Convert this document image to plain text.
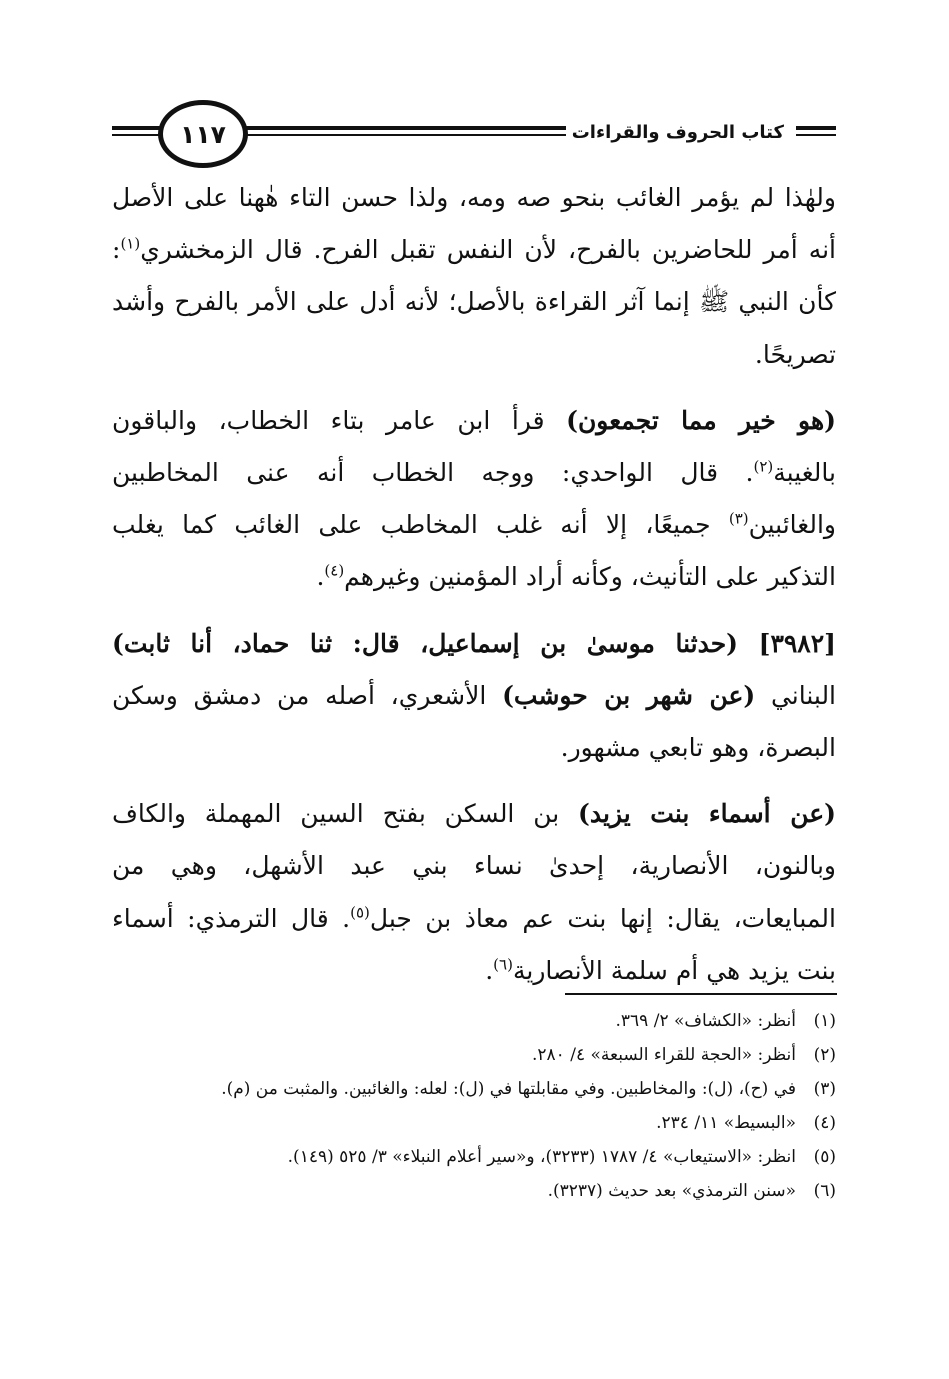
١١٧	كتاب الحروف والقراءات
ولهٰذا لم يؤمر الغائب بنحو صه ومه، ولذا حسن التاء هٰهنا على الأصل
أنه أمر للحاضرين بالفرح، لأن النفس تقبل الفرح. قال الزمخشري$^{(١)}$:
كأن النبي ﷺ إنما آثر القراءة بالأصل؛ لأنه أدل على الأمر بالفرح وأشد
تصريحًا.
(هو خير مما تجمعون) قرأ ابن عامر بتاء الخطاب، والباقون
بالغيبة$^{(٢)}$. قال الواحدي: ووجه الخطاب أنه عنى المخاطبين
والغائبين$^{(٣)}$ جميعًا، إلا أنه غلب المخاطب على الغائب كما يغلب
التذكير على التأنيث، وكأنه أراد المؤمنين وغيرهم$^{(٤)}$.
[٣٩٨٢] (حدثنا موسىٰ بن إسماعيل، قال: ثنا حماد، أنا ثابت)
البناني (عن شهر بن حوشب) الأشعري، أصله من دمشق وسكن
البصرة، وهو تابعي مشهور.
(عن أسماء بنت يزيد) بن السكن بفتح السين المهملة والكاف
وبالنون، الأنصارية، إحدىٰ نساء بني عبد الأشهل، وهي من
المبايعات، يقال: إنها بنت عم معاذ بن جبل$^{(٥)}$. قال الترمذي: أسماء
بنت يزيد هي أم سلمة الأنصارية$^{(٦)}$.
(١)
أنظر: «الكشاف» ٢/ ٣٦٩.
(٢)
أنظر: «الحجة للقراء السبعة» ٤/ ٢٨٠.
(٣)
في (ح)، (ل): والمخاطبين. وفي مقابلتها في (ل): لعله: والغائبين. والمثبت من (م).
(٤)
«البسيط» ١١/ ٢٣٤.
(٥)
انظر: «الاستيعاب» ٤/ ١٧٨٧ (٣٢٣٣)، و«سير أعلام النبلاء» ٣/ ٥٢٥ (١٤٩).
(٦)
«سنن الترمذي» بعد حديث (٣٢٣٧).
